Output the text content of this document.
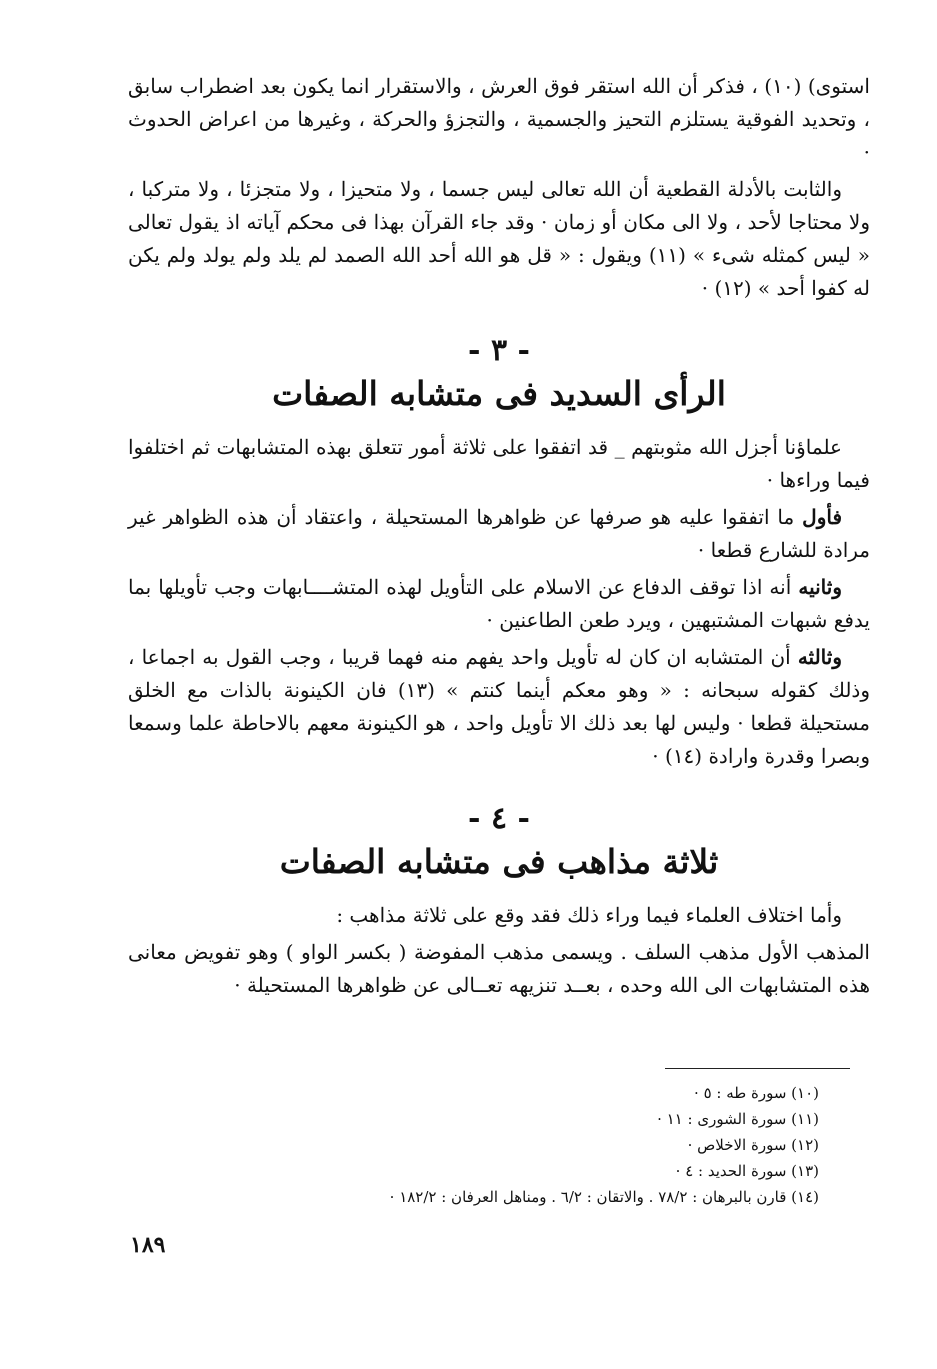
استوى) (١٠) ، فذكر أن الله استقر فوق العرش ، والاستقرار انما يكون بعد اضطراب سابق ، وتحديد الفوقية يستلزم التحيز والجسمية ، والتجزؤ والحركة ، وغيرها من اعراض الحدوث ·

والثابت بالأدلة القطعية أن الله تعالى ليس جسما ، ولا متحيزا ، ولا متجزئا ، ولا متركبا ، ولا محتاجا لأحد ، ولا الى مكان أو زمان · وقد جاء القرآن بهذا فى محكم آياته اذ يقول تعالى « ليس كمثله شىء » (١١) ويقول : « قل هو الله أحد الله الصمد لم يلد ولم يولد ولم يكن له كفوا أحد » (١٢) ·

- ٣ -
الرأى السديد فى متشابه الصفات

علماؤنا أجزل الله مثوبتهم _ قد اتفقوا على ثلاثة أمور تتعلق بهذه المتشابهات ثم اختلفوا فيما وراءها ·

فأول ما اتفقوا عليه هو صرفها عن ظواهرها المستحيلة ، واعتقاد أن هذه الظواهر غير مرادة للشارع قطعا ·

وثانيه أنه اذا توقف الدفاع عن الاسلام على التأويل لهذه المتشــــابهات وجب تأويلها بما يدفع شبهات المشتبهين ، ويرد طعن الطاعنين ·

وثالثه أن المتشابه ان كان له تأويل واحد يفهم منه فهما قريبا ، وجب القول به اجماعا ، وذلك كقوله سبحانه : « وهو معكم أينما كنتم » (١٣) فان الكينونة بالذات مع الخلق مستحيلة قطعا · وليس لها بعد ذلك الا تأويل واحد ، هو الكينونة معهم بالاحاطة علما وسمعا وبصرا وقدرة وارادة (١٤) ·

- ٤ -
ثلاثة مذاهب فى متشابه الصفات

وأما اختلاف العلماء فيما وراء ذلك فقد وقع على ثلاثة مذاهب :

المذهب الأول مذهب السلف . ويسمى مذهب المفوضة ( بكسر الواو ) وهو تفويض معانى هذه المتشابهات الى الله وحده ، بعــد تنزيهه تعــالى عن ظواهرها المستحيلة ·

(١٠) سورة طه : ٥ ·

(١١) سورة الشورى : ١١ ·

(١٢) سورة الاخلاص ·

(١٣) سورة الحديد : ٤ ·

(١٤) قارن بالبرهان : ٧٨/٢ . والاتقان : ٦/٢ . ومناهل العرفان : ١٨٢/٢ ·

١٨٩
